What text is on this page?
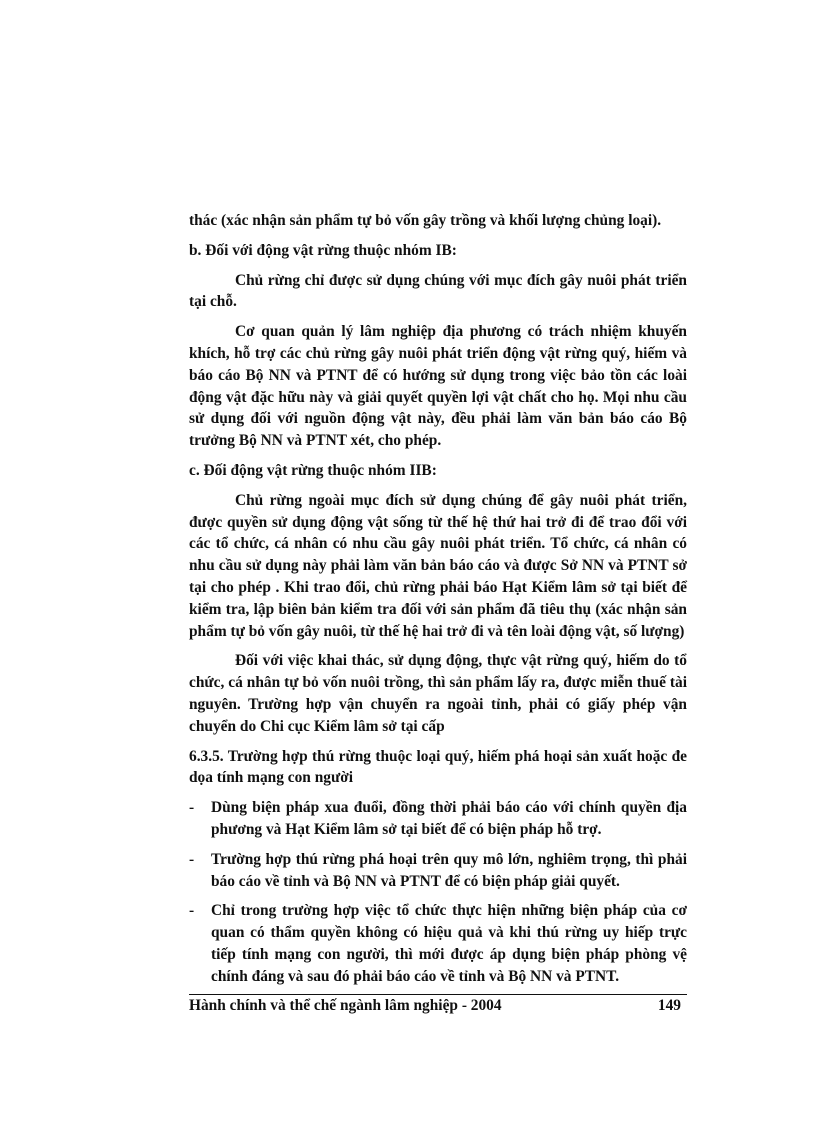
thác (xác nhận sản phẩm tự bỏ vốn gây trồng và khối lượng chủng loại).

b. Đối với động vật rừng thuộc nhóm IB:

Chủ rừng chỉ được sử dụng chúng với mục đích gây nuôi phát triển tại chỗ.

Cơ quan quản lý lâm nghiệp địa phương có trách nhiệm khuyến khích, hỗ trợ các chủ rừng gây nuôi phát triển động vật rừng quý, hiếm và báo cáo Bộ NN và PTNT để có hướng sử dụng trong việc bảo tồn các loài động vật đặc hữu này và giải quyết quyền lợi vật chất cho họ. Mọi nhu cầu sử dụng đối với nguồn động vật này, đều phải làm văn bản báo cáo Bộ trưởng Bộ NN và PTNT xét, cho phép.

c. Đối động vật rừng thuộc nhóm IIB:

Chủ rừng ngoài mục đích sử dụng chúng để gây nuôi phát triển, được quyền sử dụng động vật sống từ thế hệ thứ hai trở đi để trao đổi với các tổ chức, cá nhân có nhu cầu gây nuôi phát triển. Tổ chức, cá nhân có nhu cầu sử dụng này phải làm văn bản báo cáo và được Sở NN và PTNT sở tại cho phép . Khi trao đổi, chủ rừng phải báo Hạt Kiểm lâm sở tại biết để kiểm tra, lập biên bản kiểm tra đối với sản phẩm đã tiêu thụ (xác nhận sản phẩm tự bỏ vốn gây nuôi, từ thế hệ hai trở đi và tên loài động vật, số lượng)

Đối với việc khai thác, sử dụng động, thực vật rừng quý, hiếm do tổ chức, cá nhân tự bỏ vốn nuôi trồng, thì sản phẩm lấy ra, được miễn thuế tài nguyên. Trường hợp vận chuyển ra ngoài tỉnh, phải có giấy phép vận chuyển do Chi cục Kiểm lâm sở tại cấp

6.3.5. Trường hợp thú rừng thuộc loại quý, hiếm phá hoại sản xuất hoặc đe dọa tính mạng con người

- Dùng biện pháp xua đuổi, đồng thời phải báo cáo với chính quyền địa phương và Hạt Kiểm lâm sở tại biết để có biện pháp hỗ trợ.
- Trường hợp thú rừng phá hoại trên quy mô lớn, nghiêm trọng, thì phải báo cáo về tỉnh và Bộ NN và PTNT để có biện pháp giải quyết.
- Chỉ trong trường hợp việc tổ chức thực hiện những biện pháp của cơ quan có thẩm quyền không có hiệu quả và khi thú rừng uy hiếp trực tiếp tính mạng con người, thì mới được áp dụng biện pháp phòng vệ chính đáng và sau đó phải báo cáo về tỉnh và Bộ NN và PTNT.
Hành chính và thể chế ngành lâm nghiệp - 2004	149
